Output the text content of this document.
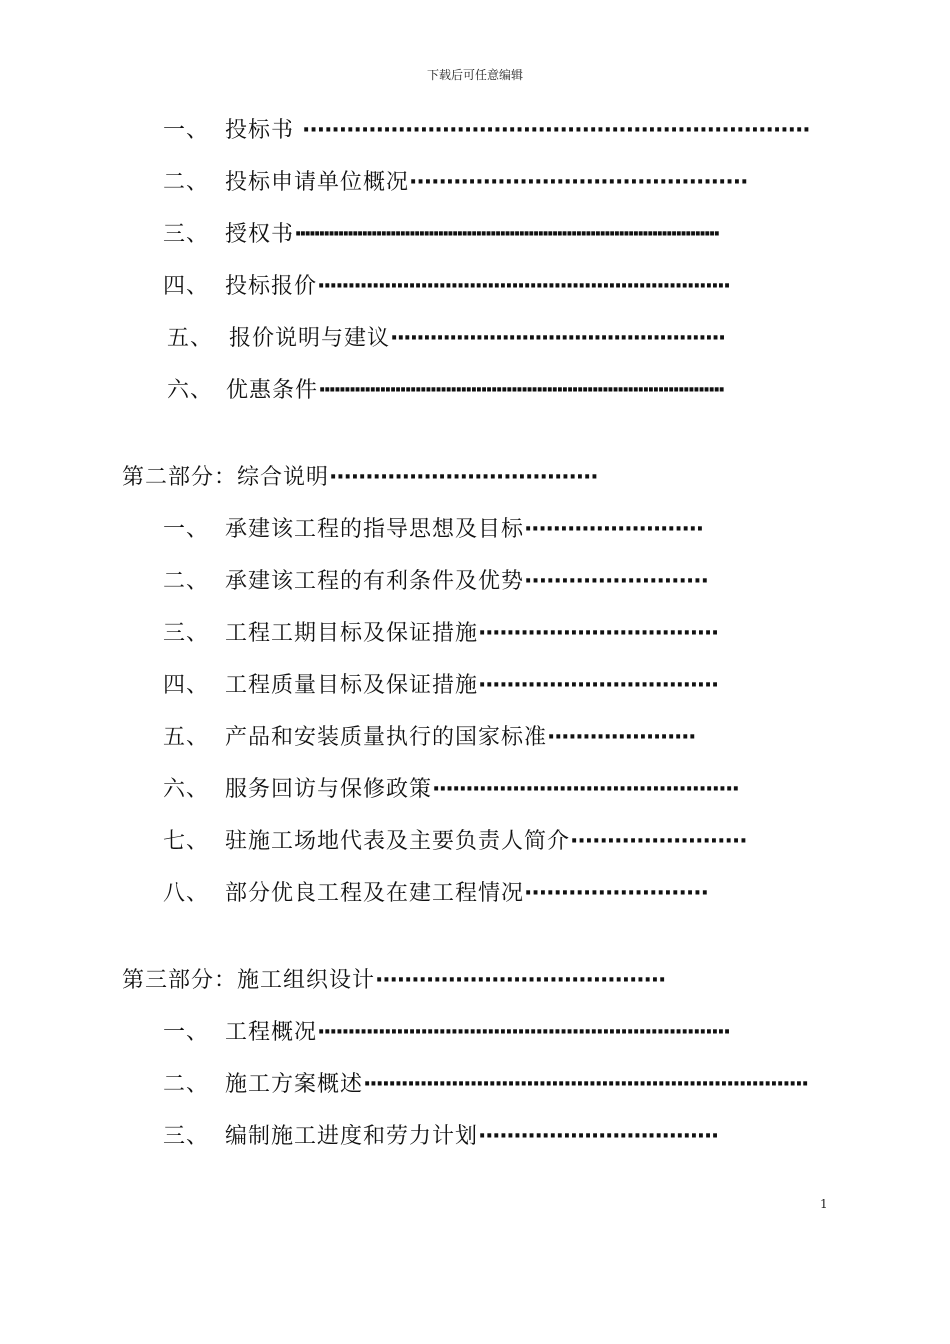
下载后可任意编辑
一、 投标书 ·····································································
二、 投标申请单位概况··············································
三、 授权书·························································································
四、 投标报价····································································
五、 报价说明与建议···················································
六、 优惠条件················································································
第二部分：综合说明·····································
一、 承建该工程的指导思想及目标·························
二、 承建该工程的有利条件及优势·························
三、 工程工期目标及保证措施··································
四、 工程质量目标及保证措施··································
五、 产品和安装质量执行的国家标准·····················
六、 服务回访与保修政策··············································
七、 驻施工场地代表及主要负责人简介························
八、 部分优良工程及在建工程情况·························
第三部分：施工组织设计········································
一、 工程概况····································································
二、 施工方案概述·······································································
三、 编制施工进度和劳力计划··································
1
